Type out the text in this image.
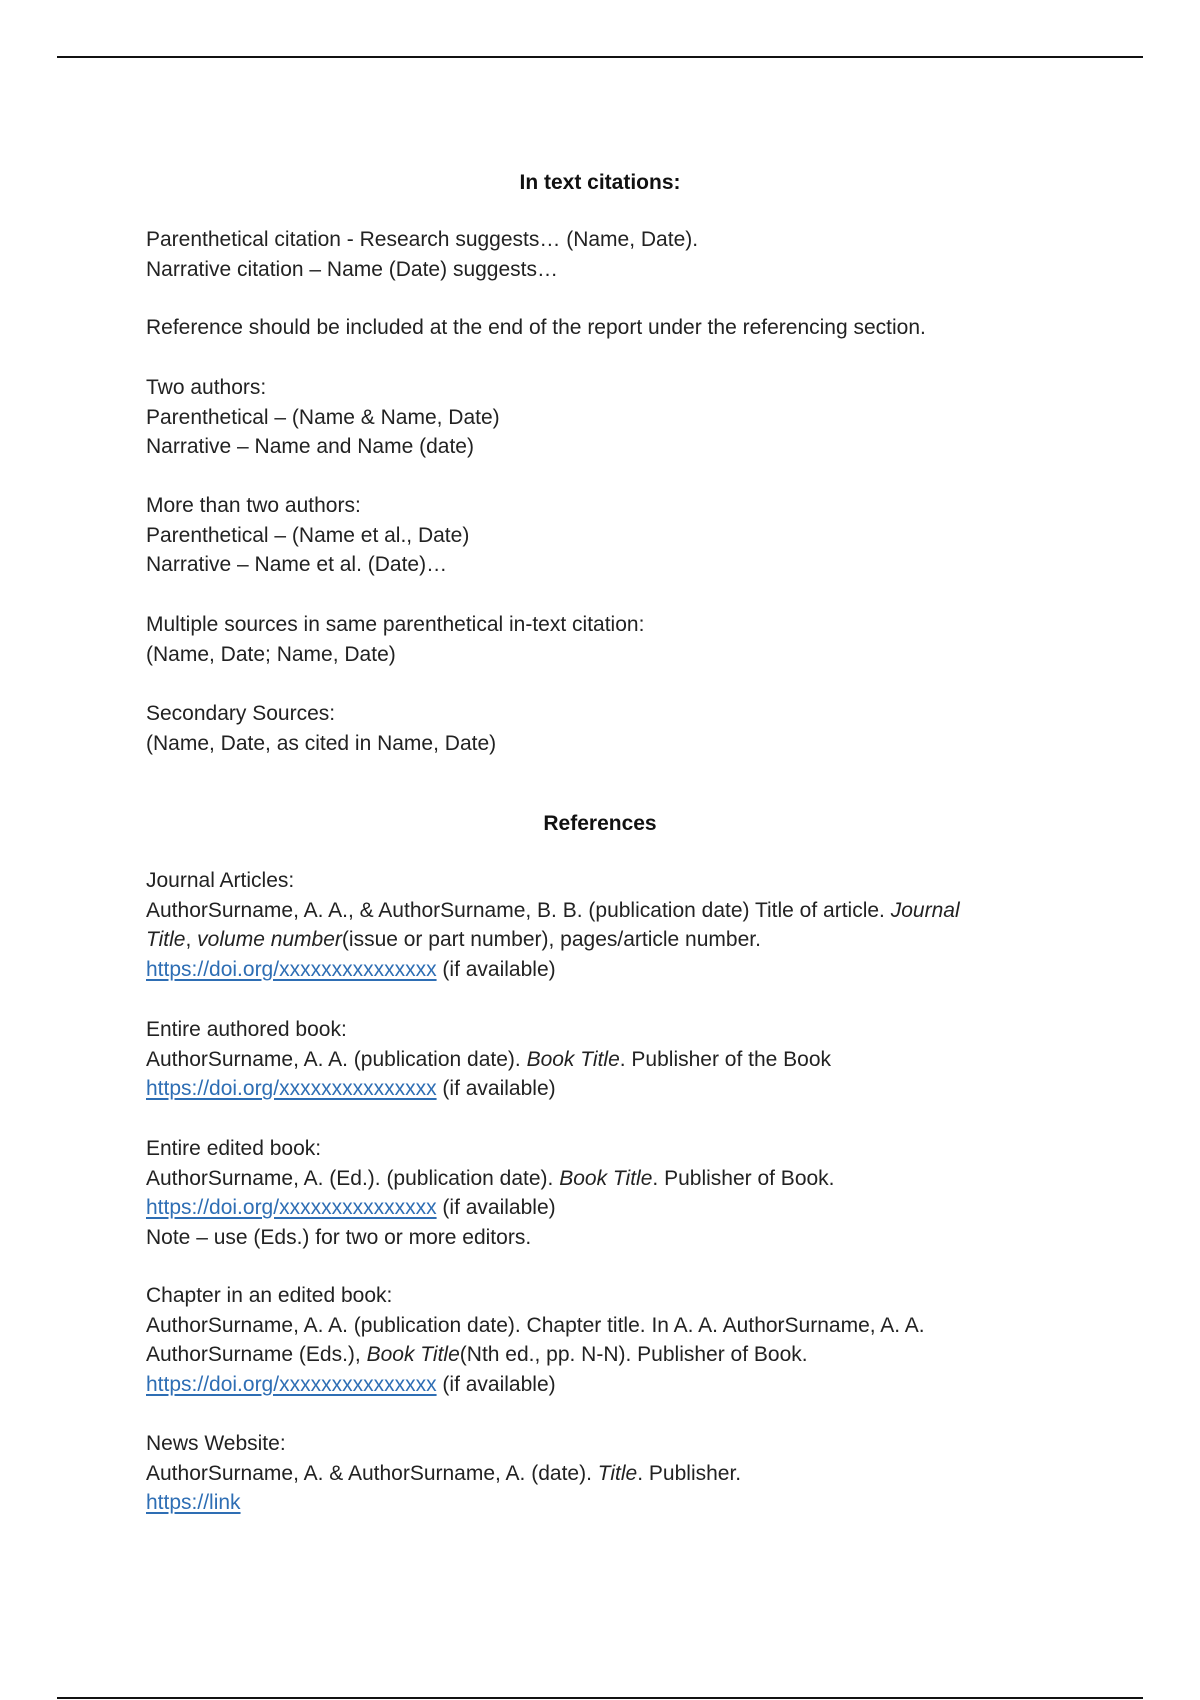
In text citations:
Parenthetical citation - Research suggests… (Name, Date).
Narrative citation – Name (Date) suggests…
Reference should be included at the end of the report under the referencing section.
Two authors:
Parenthetical – (Name & Name, Date)
Narrative – Name and Name (date)
More than two authors:
Parenthetical – (Name et al., Date)
Narrative – Name et al. (Date)…
Multiple sources in same parenthetical in-text citation:
(Name, Date; Name, Date)
Secondary Sources:
(Name, Date, as cited in Name, Date)
References
Journal Articles:
AuthorSurname, A. A., & AuthorSurname, B. B. (publication date) Title of article. Journal
Title, volume number(issue or part number), pages/article number.
https://doi.org/xxxxxxxxxxxxxxx (if available)
Entire authored book:
AuthorSurname, A. A. (publication date). Book Title. Publisher of the Book
https://doi.org/xxxxxxxxxxxxxxx (if available)
Entire edited book:
AuthorSurname, A. (Ed.). (publication date). Book Title. Publisher of Book.
https://doi.org/xxxxxxxxxxxxxxx (if available)
Note – use (Eds.) for two or more editors.
Chapter in an edited book:
AuthorSurname, A. A. (publication date). Chapter title. In A. A. AuthorSurname, A. A.
AuthorSurname (Eds.), Book Title(Nth ed., pp. N-N). Publisher of Book.
https://doi.org/xxxxxxxxxxxxxxx (if available)
News Website:
AuthorSurname, A. & AuthorSurname, A. (date). Title. Publisher.
https://link
